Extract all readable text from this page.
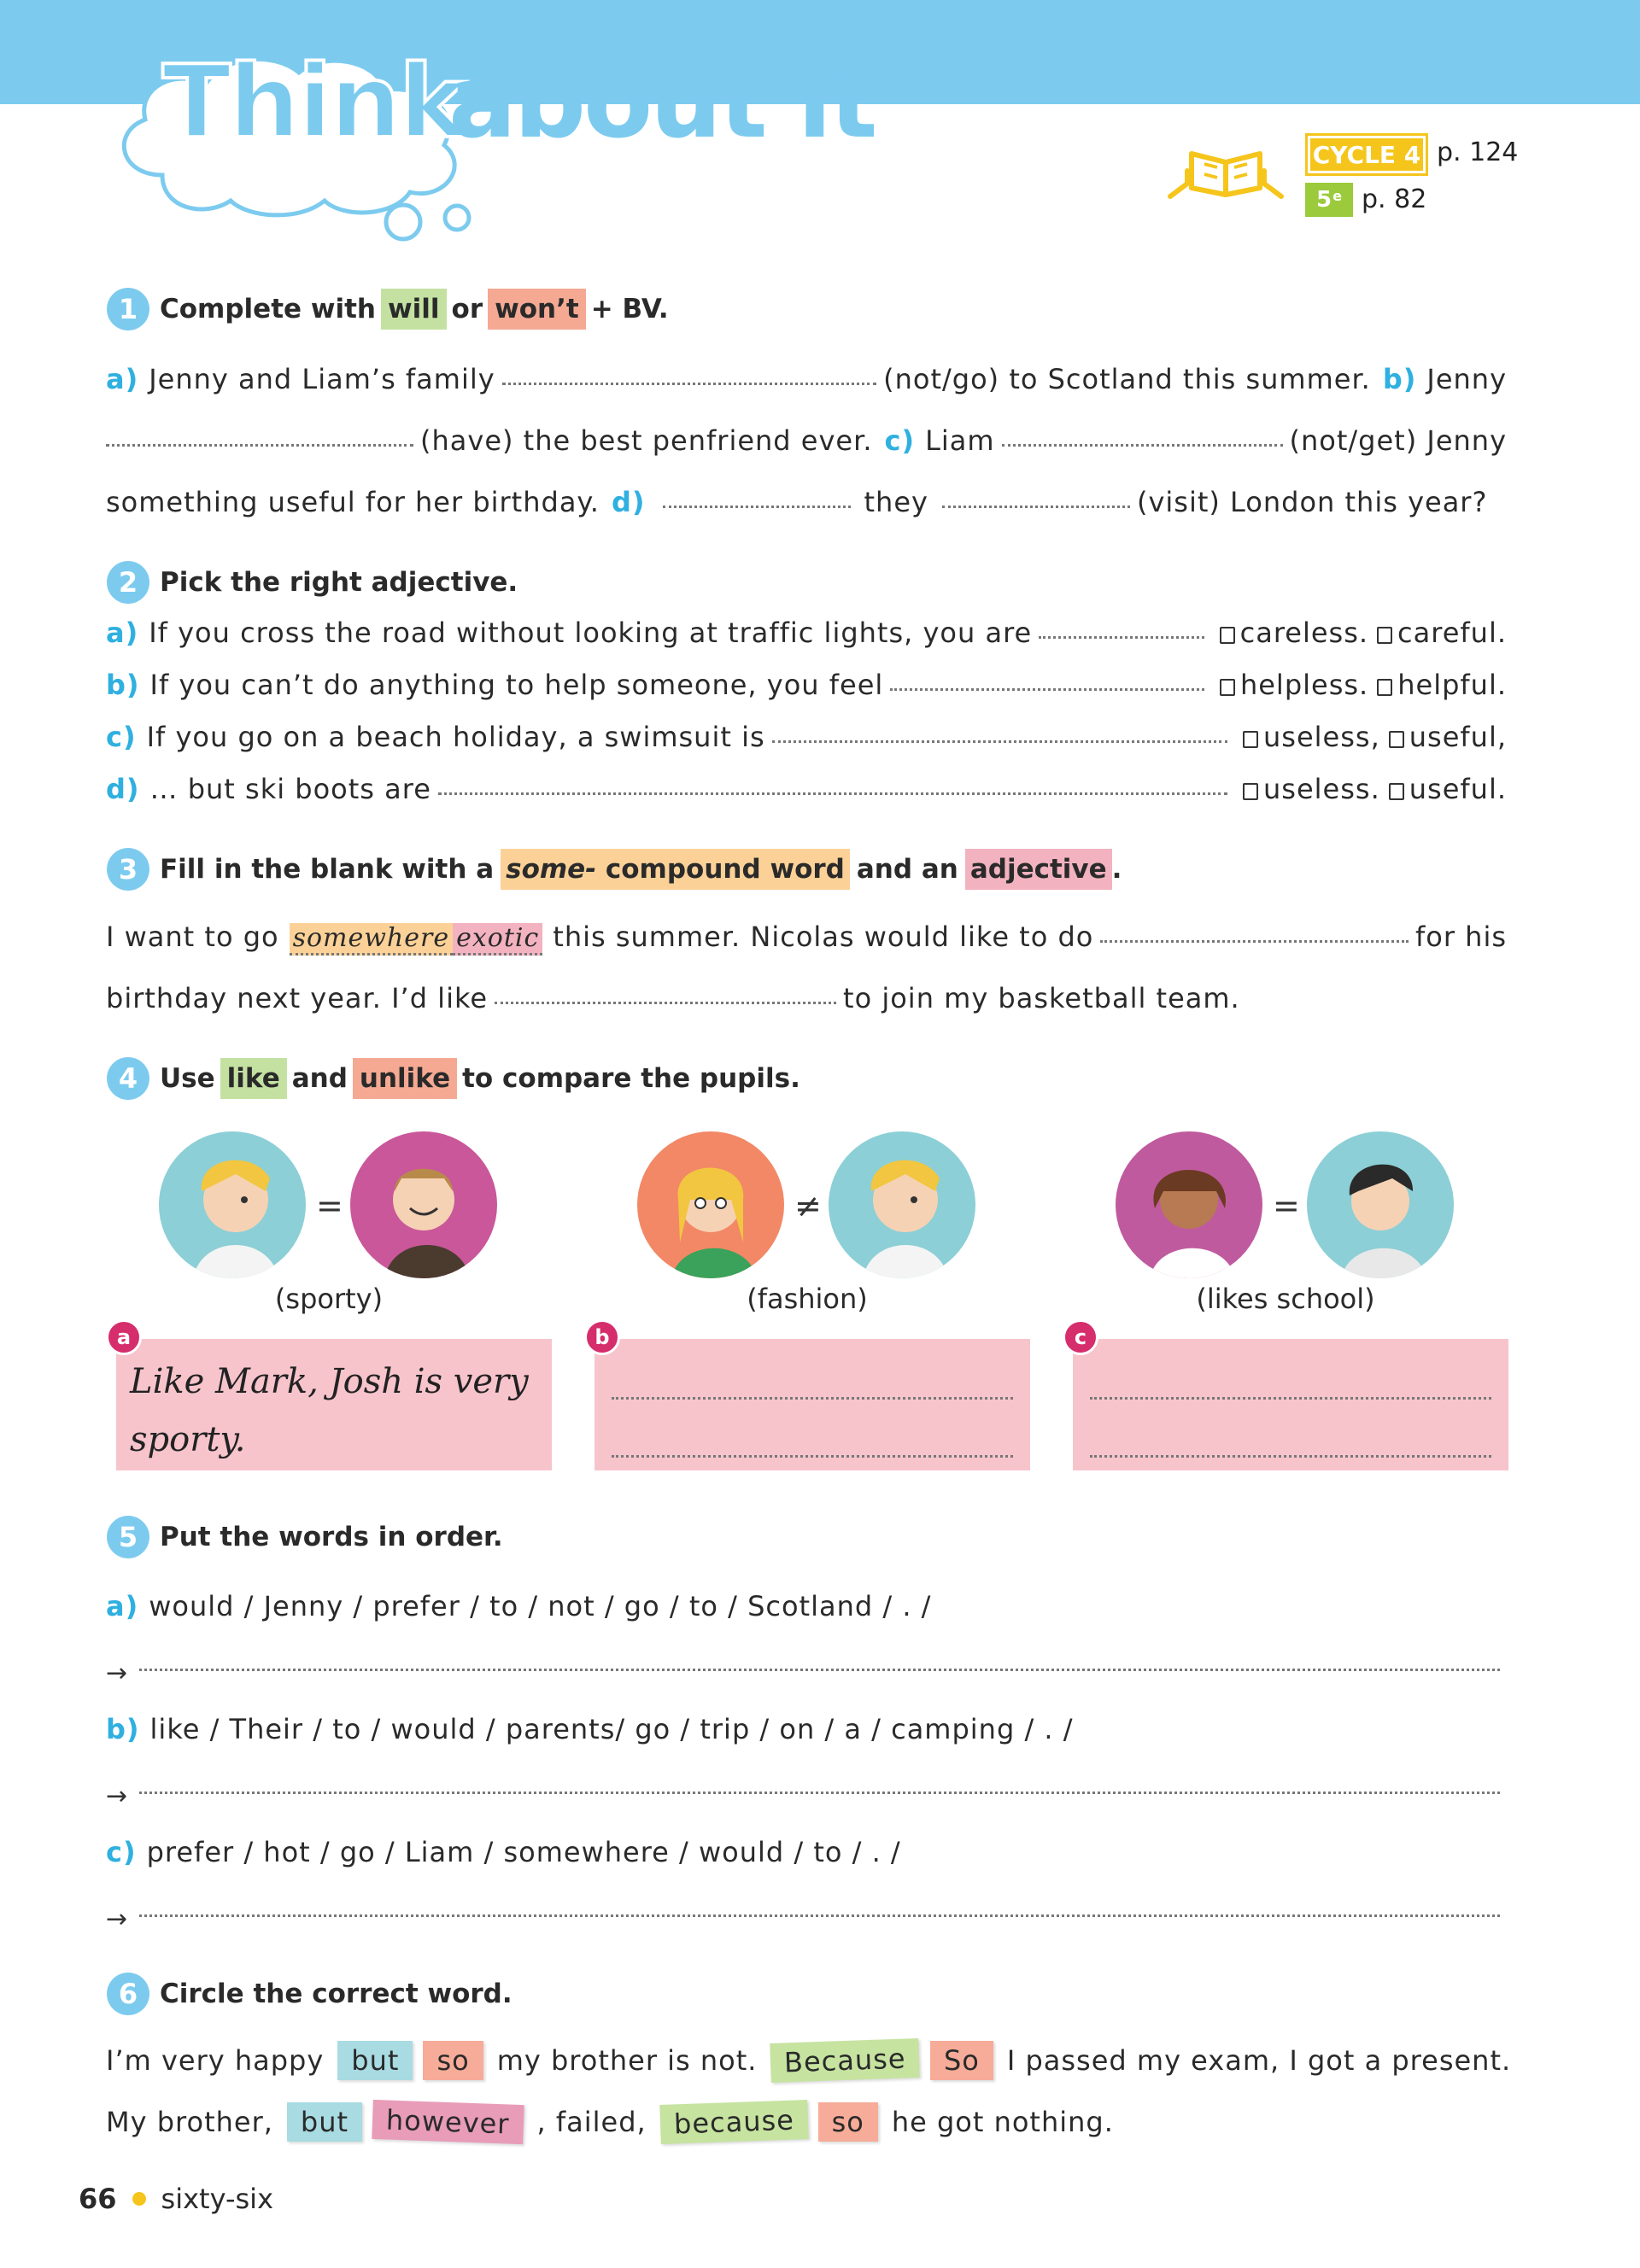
Think
about it	CYCLE 4 p. 124
5 e p. 82
1 Complete with will or won’t + BV.
a) Jenny and Liam’s family	(not/go) to Scotland this summer. b) Jenny
(have) the best penfriend ever. c) Liam	(not/get) Jenny
something useful for her birthday. d)	they	(visit) London this year?
2 Pick the right adjective.
a) If you cross the road without looking at traffic lights, you are	careless.	careful.
b) If you can’t do anything to help someone, you feel	helpless.	helpful.
c) If you go on a beach holiday, a swimsuit is	useless,	useful,
d) … but ski boots are	useless.	useful.
3 Fill in the blank with a some- compound word and an adjective .
I want to go somewhere exotic this summer. Nicolas would like to do	for his
birthday next year. I’d like	to join my basketball team.
4 Use like and unlike to compare the pupils.
=
(sporty)
≠
(fashion)
=
(likes school)
Like Mark, Josh is very sporty.
a	b	c
5 Put the words in order.
a) would / Jenny / prefer / to / not / go / to / Scotland / . /
→
b) like / Their / to / would / parents/ go / trip / on / a / camping / . /
→
c) prefer / hot / go / Liam / somewhere / would / to / . /
→
6 Circle the correct word.
I’m very happy	but	so	my brother is not. Because	So	I passed my exam, I got a present.
My brother,	but	however , failed, because	so	he got nothing.
66 sixty-six
